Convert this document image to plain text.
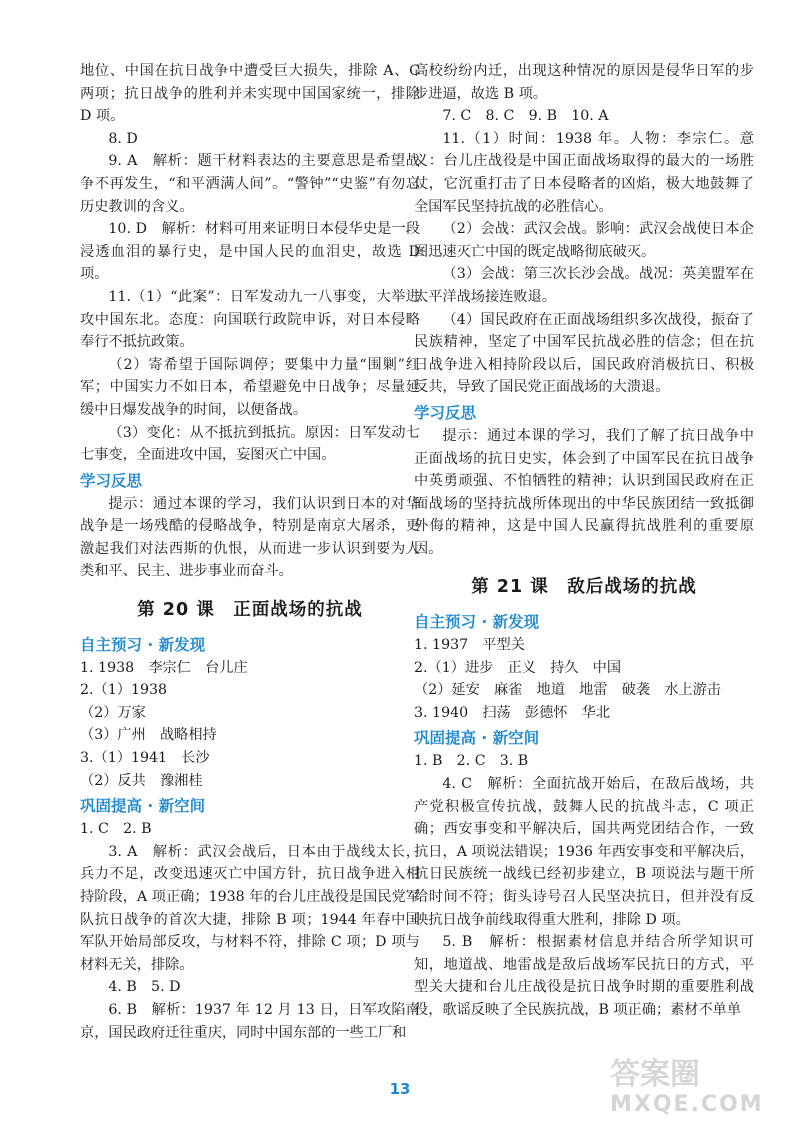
地位、中国在抗日战争中遭受巨大损失，排除 A、C 两项；抗日战争的胜利并未实现中国国家统一，排除 D 项。

8. D

9. A　解析：题干材料表达的主要意思是希望战争不再发生，“和平洒满人间”。“警钟”“史鉴”有勿忘历史教训的含义。

10. D　解析：材料可用来证明日本侵华史是一段浸透血泪的暴行史，是中国人民的血泪史，故选 D 项。

11.（1）“此案”：日军发动九一八事变，大举进攻中国东北。态度：向国联行政院申诉，对日本侵略奉行不抵抗政策。

（2）寄希望于国际调停；要集中力量“围剿”红军；中国实力不如日本，希望避免中日战争；尽量延缓中日爆发战争的时间，以便备战。

（3）变化：从不抵抗到抵抗。原因：日军发动七七事变，全面进攻中国，妄图灭亡中国。

学习反思

提示：通过本课的学习，我们认识到日本的对华战争是一场残酷的侵略战争，特别是南京大屠杀，更激起我们对法西斯的仇恨，从而进一步认识到要为人类和平、民主、进步事业而奋斗。

第 20 课　正面战场的抗战
自主预习 · 新发现

1. 1938　李宗仁　台儿庄

2.（1）1938

（2）万家

（3）广州　战略相持

3.（1）1941　长沙

（2）反共　豫湘桂

巩固提高 · 新空间

1. C　2. B

3. A　解析：武汉会战后，日本由于战线太长，兵力不足，改变迅速灭亡中国方针，抗日战争进入相持阶段，A 项正确；1938 年的台儿庄战役是国民党军队抗日战争的首次大捷，排除 B 项；1944 年春中国军队开始局部反攻，与材料不符，排除 C 项；D 项与材料无关，排除。

4. B　5. D

6. B　解析：1937 年 12 月 13 日，日军攻陷南京，国民政府迁往重庆，同时中国东部的一些工厂和

高校纷纷内迁，出现这种情况的原因是侵华日军的步步进逼，故选 B 项。

7. C　8. C　9. B　10. A

11.（1）时间：1938 年。人物：李宗仁。意义：台儿庄战役是中国正面战场取得的最大的一场胜仗，它沉重打击了日本侵略者的凶焰，极大地鼓舞了全国军民坚持抗战的必胜信心。

（2）会战：武汉会战。影响：武汉会战使日本企图迅速灭亡中国的既定战略彻底破灭。

（3）会战：第三次长沙会战。战况：英美盟军在太平洋战场接连败退。

（4）国民政府在正面战场组织多次战役，振奋了民族精神，坚定了中国军民抗战必胜的信念；但在抗日战争进入相持阶段以后，国民政府消极抗日、积极反共，导致了国民党正面战场的大溃退。

学习反思

提示：通过本课的学习，我们了解了抗日战争中正面战场的抗日史实，体会到了中国军民在抗日战争中英勇顽强、不怕牺牲的精神；认识到国民政府在正面战场的坚持抗战所体现出的中华民族团结一致抵御外侮的精神，这是中国人民赢得抗战胜利的重要原因。

第 21 课　敌后战场的抗战
自主预习 · 新发现

1. 1937　平型关

2.（1）进步　正义　持久　中国

（2）延安　麻雀　地道　地雷　破袭　水上游击

3. 1940　扫荡　彭德怀　华北

巩固提高 · 新空间

1. B　2. C　3. B

4. C　解析：全面抗战开始后，在敌后战场，共产党积极宣传抗战，鼓舞人民的抗战斗志，C 项正确；西安事变和平解决后，国共两党团结合作，一致抗日，A 项说法错误；1936 年西安事变和平解决后，抗日民族统一战线已经初步建立，B 项说法与题干所给时间不符；街头诗号召人民坚决抗日，但并没有反映抗日战争前线取得重大胜利，排除 D 项。

5. B　解析：根据素材信息并结合所学知识可知，地道战、地雷战是敌后战场军民抗日的方式，平型关大捷和台儿庄战役是抗日战争时期的重要胜利战役，歌谣反映了全民族抗战，B 项正确；素材不单单

13	答案圈
MXQE.COM
